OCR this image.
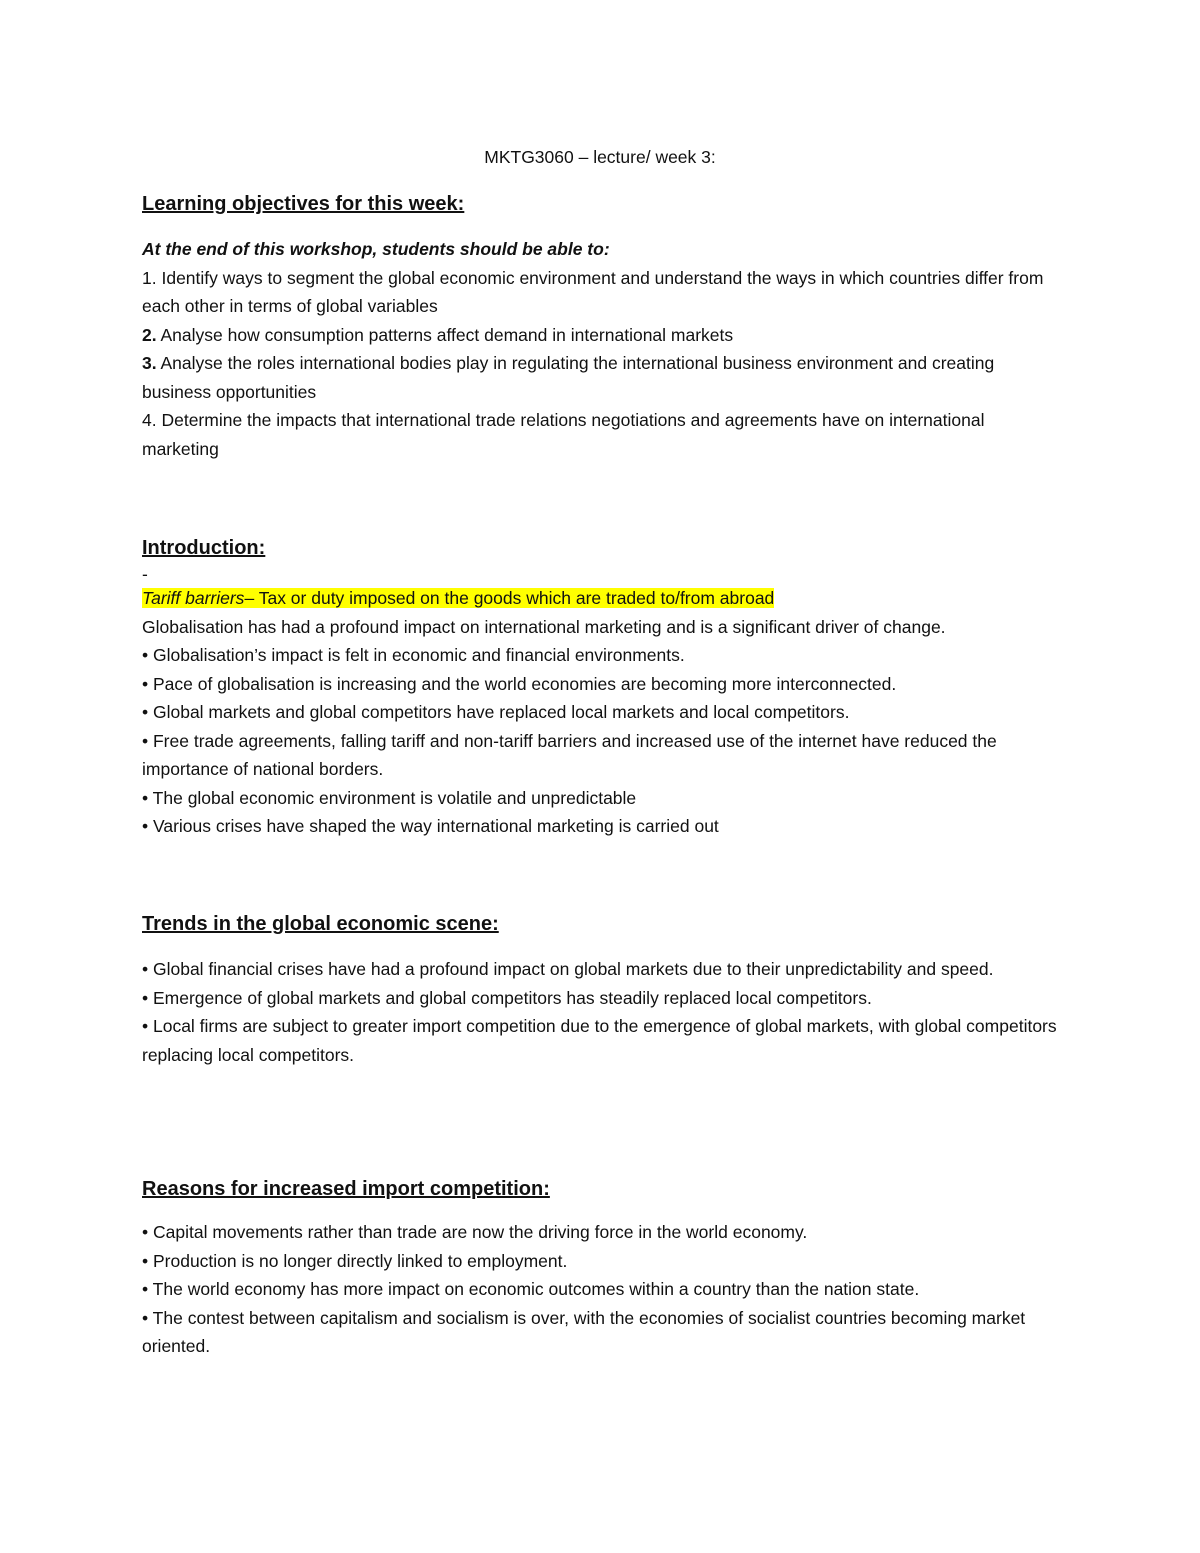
MKTG3060 – lecture/ week 3:

Learning objectives for this week:

At the end of this workshop, students should be able to:

1. Identify ways to segment the global economic environment and understand the ways in which countries differ from each other in terms of global variables
2. Analyse how consumption patterns affect demand in international markets
3. Analyse the roles international bodies play in regulating the international business environment and creating business opportunities
4. Determine the impacts that international trade relations negotiations and agreements have on international marketing

Introduction:

-

Tariff barriers– Tax or duty imposed on the goods which are traded to/from abroad

Globalisation has had a profound impact on international marketing and is a significant driver of change.

• Globalisation’s impact is felt in economic and financial environments.
• Pace of globalisation is increasing and the world economies are becoming more interconnected.
• Global markets and global competitors have replaced local markets and local competitors.
• Free trade agreements, falling tariff and non-tariff barriers and increased use of the internet have reduced the importance of national borders.
• The global economic environment is volatile and unpredictable
• Various crises have shaped the way international marketing is carried out

Trends in the global economic scene:

• Global financial crises have had a profound impact on global markets due to their unpredictability and speed.
• Emergence of global markets and global competitors has steadily replaced local competitors.
• Local firms are subject to greater import competition due to the emergence of global markets, with global competitors replacing local competitors.

Reasons for increased import competition:

• Capital movements rather than trade are now the driving force in the world economy.
• Production is no longer directly linked to employment.
• The world economy has more impact on economic outcomes within a country than the nation state.
• The contest between capitalism and socialism is over, with the economies of socialist countries becoming market oriented.
